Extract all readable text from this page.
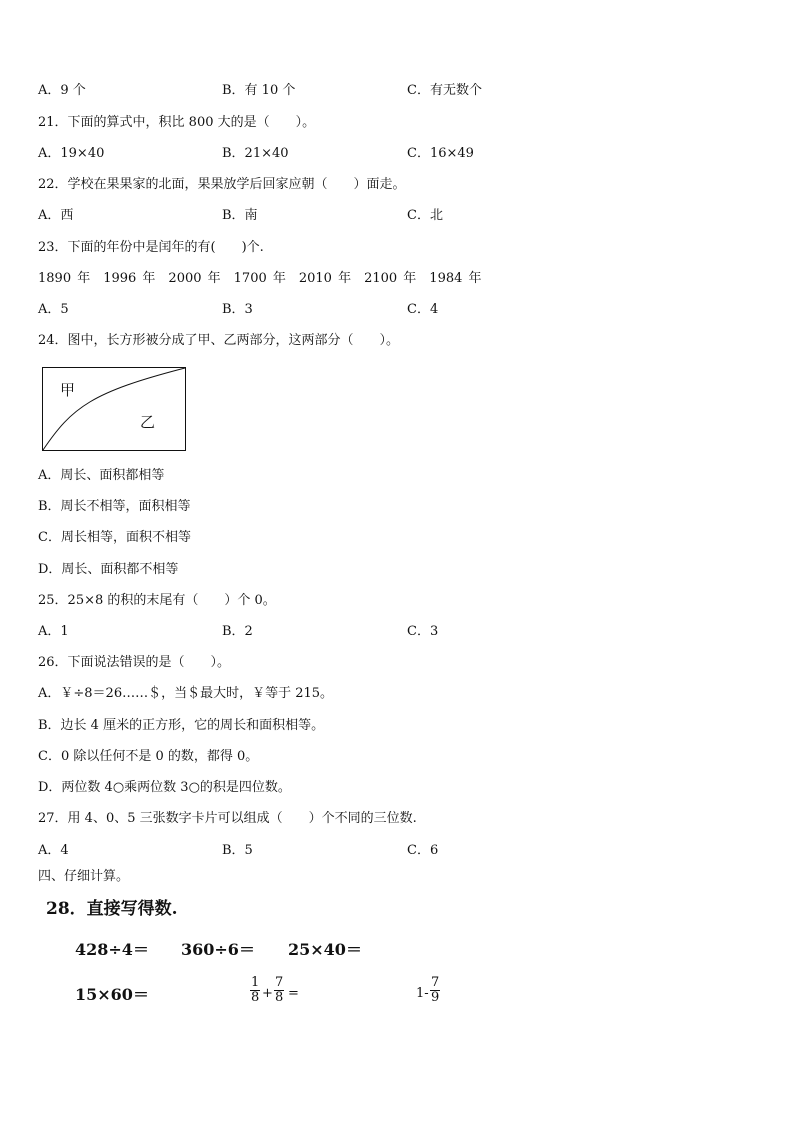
A．9 个	B．有 10 个	C．有无数个
21．下面的算式中，积比 800 大的是（　　）。
A．19×40	B．21×40	C．16×49
22．学校在果果家的北面，果果放学后回家应朝（　　）面走。
A．西	B．南	C．北
23．下面的年份中是闰年的有(　　)个.
1890 年　1996 年　2000 年　1700 年　2010 年　2100 年　1984 年
A．5	B．3	C．4
24．图中，长方形被分成了甲、乙两部分，这两部分（　　）。
甲
乙
A．周长、面积都相等
B．周长不相等，面积相等
C．周长相等，面积不相等
D．周长、面积都不相等
25．25×8 的积的末尾有（　　）个 0。
A．1	B．2	C．3
26．下面说法错误的是（　　）。
A．￥÷8＝26……＄，当＄最大时，￥等于 215。
B．边长 4 厘米的正方形，它的周长和面积相等。
C．0 除以任何不是 0 的数，都得 0。
D．两位数 4○乘两位数 3○的积是四位数。
27．用 4、0、5 三张数字卡片可以组成（　　）个不同的三位数.
A．4	B．5	C．6
四、仔细计算。
28．直接写得数.
428÷4＝ 360÷6＝ 25×40＝
15×60＝
1
8 +
7
8 =	1-
7
9
